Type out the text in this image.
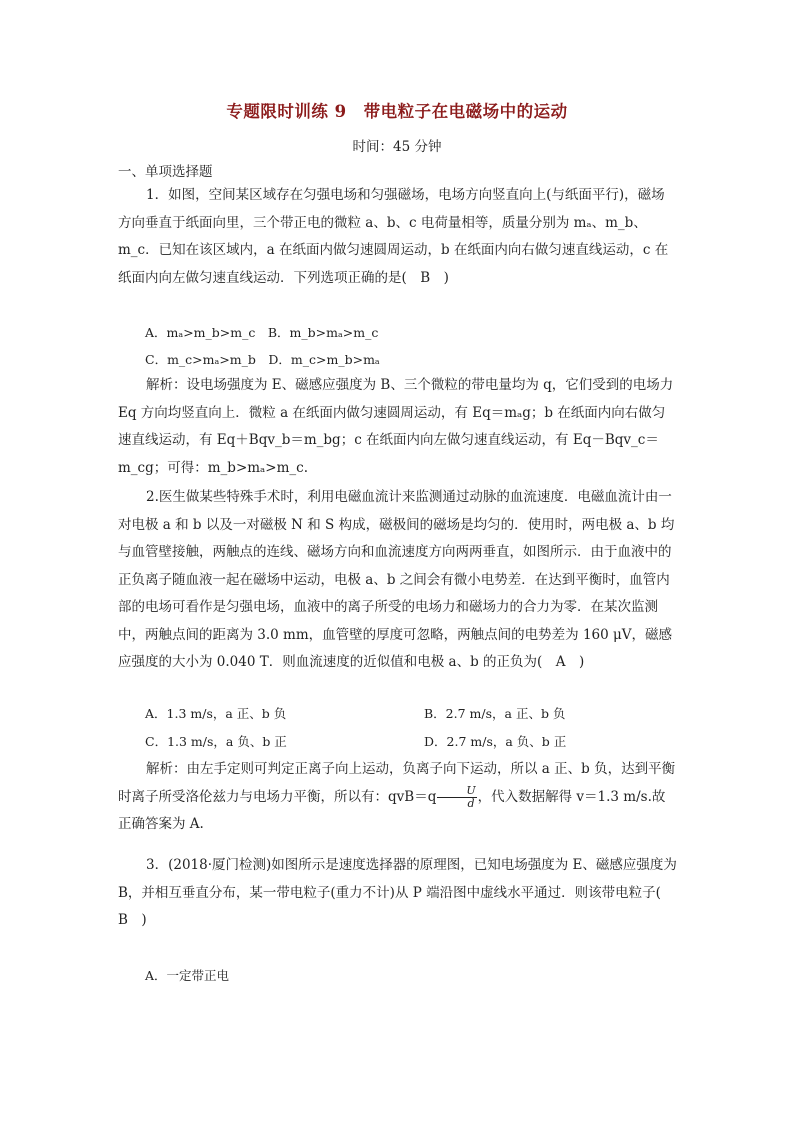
专题限时训练 9　带电粒子在电磁场中的运动
时间：45 分钟
一、单项选择题

1．如图，空间某区域存在匀强电场和匀强磁场，电场方向竖直向上(与纸面平行)，磁场方向垂直于纸面向里，三个带正电的微粒 a、b、c 电荷量相等，质量分别为 mₐ、m_b、m_c．已知在该区域内，a 在纸面内做匀速圆周运动，b 在纸面内向右做匀速直线运动，c 在纸面内向左做匀速直线运动．下列选项正确的是(　B　)

A．mₐ>m_b>m_c　B．m_b>mₐ>m_c
C．m_c>mₐ>m_b　D．m_c>m_b>mₐ

解析：设电场强度为 E、磁感应强度为 B、三个微粒的带电量均为 q，它们受到的电场力 Eq 方向均竖直向上．微粒 a 在纸面内做匀速圆周运动，有 Eq＝mₐg；b 在纸面内向右做匀速直线运动，有 Eq＋Bqv_b＝m_bg；c 在纸面内向左做匀速直线运动，有 Eq－Bqv_c＝m_cg；可得：m_b>mₐ>m_c.

2.医生做某些特殊手术时，利用电磁血流计来监测通过动脉的血流速度．电磁血流计由一对电极 a 和 b 以及一对磁极 N 和 S 构成，磁极间的磁场是均匀的．使用时，两电极 a、b 均与血管壁接触，两触点的连线、磁场方向和血流速度方向两两垂直，如图所示．由于血液中的正负离子随血液一起在磁场中运动，电极 a、b 之间会有微小电势差．在达到平衡时，血管内部的电场可看作是匀强电场，血液中的离子所受的电场力和磁场力的合力为零．在某次监测中，两触点间的距离为 3.0 mm，血管壁的厚度可忽略，两触点间的电势差为 160 μV，磁感应强度的大小为 0.040 T．则血流速度的近似值和电极 a、b 的正负为(　A　)

A．1.3 m/s，a 正、b 负	B．2.7 m/s，a 正、b 负
C．1.3 m/s，a 负、b 正	D．2.7 m/s，a 负、b 正

解析：由左手定则可判定正离子向上运动，负离子向下运动，所以 a 正、b 负，达到平衡时离子所受洛伦兹力与电场力平衡，所以有：$qvB=q \frac{U}{d}$ ，代入数据解得 v＝1.3 m/s.故正确答案为 A.

3．(2018·厦门检测)如图所示是速度选择器的原理图，已知电场强度为 E、磁感应强度为 B，并相互垂直分布，某一带电粒子(重力不计)从 P 端沿图中虚线水平通过．则该带电粒子(　B　)

A．一定带正电
